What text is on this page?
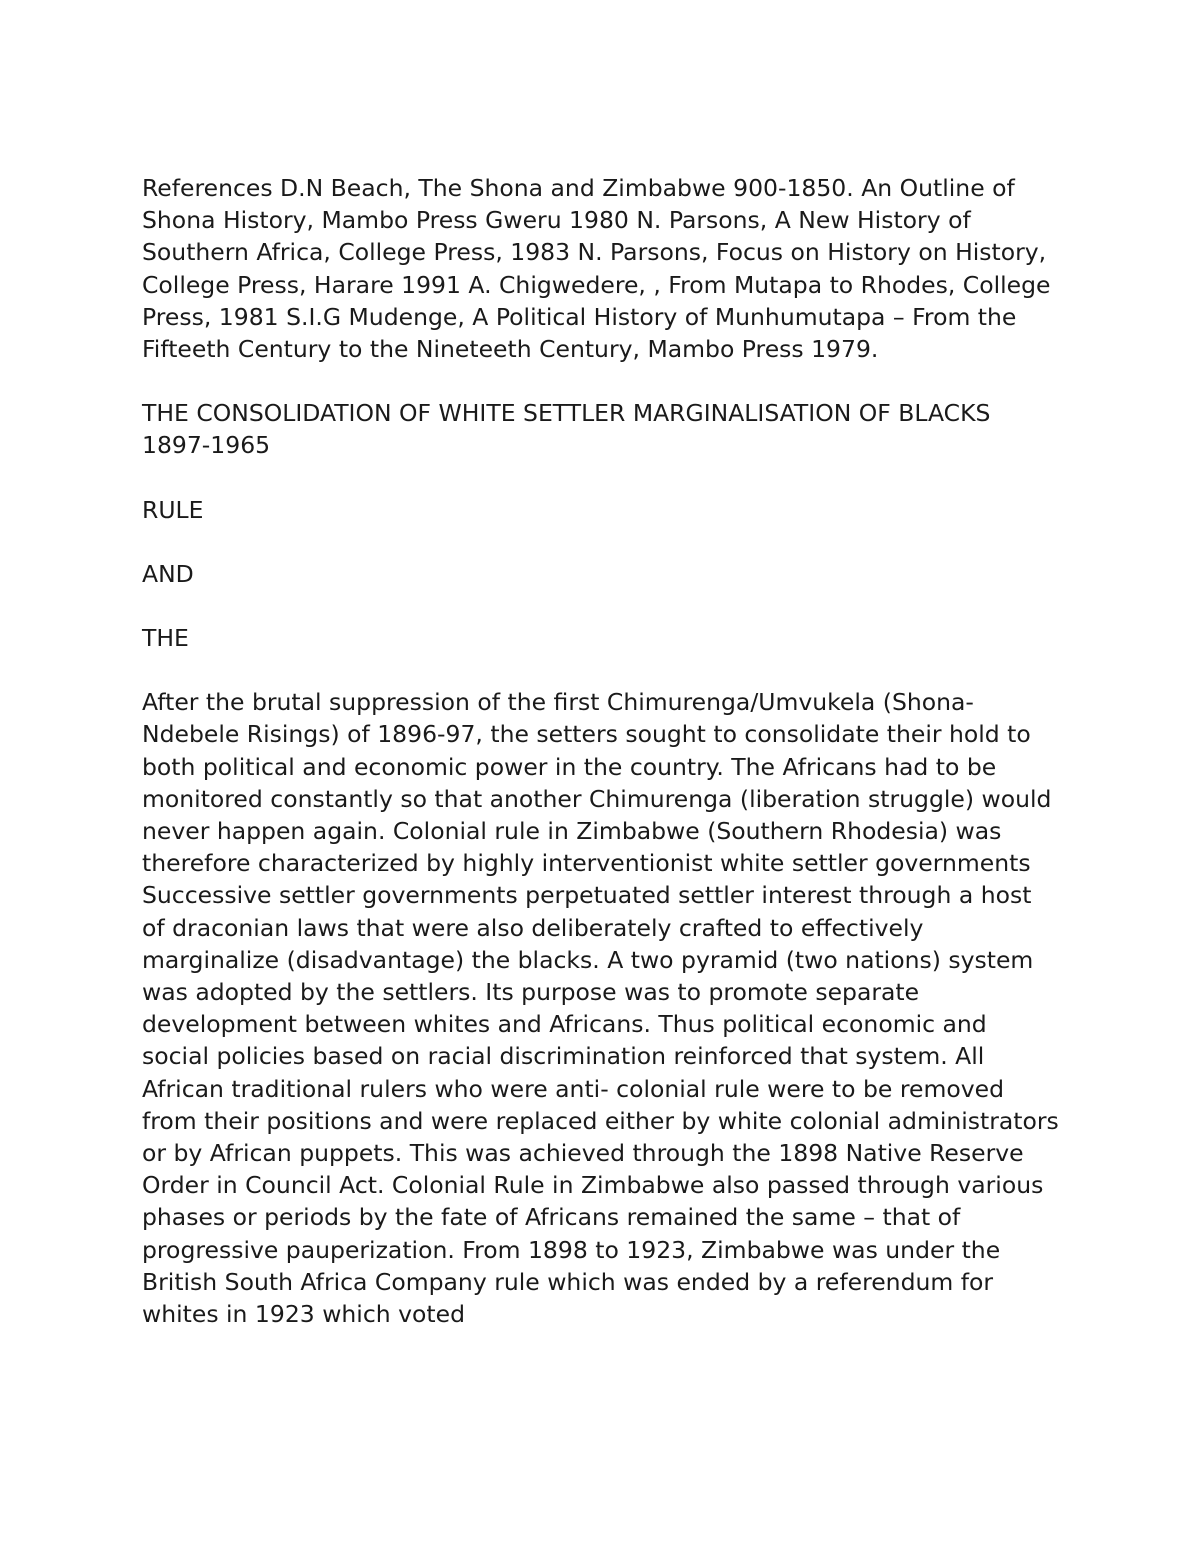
References D.N Beach, The Shona and Zimbabwe 900-1850. An Outline of Shona History, Mambo Press Gweru 1980 N. Parsons, A New History of Southern Africa, College Press, 1983 N. Parsons, Focus on History on History, College Press, Harare 1991 A. Chigwedere, , From Mutapa to Rhodes, College Press, 1981 S.I.G Mudenge, A Political History of Munhumutapa – From the Fifteeth Century to the Nineteeth Century, Mambo Press 1979.

THE CONSOLIDATION OF WHITE SETTLER MARGINALISATION OF BLACKS 1897-1965

RULE

AND

THE

After the brutal suppression of the first Chimurenga/Umvukela (Shona-Ndebele Risings) of 1896-97, the setters sought to consolidate their hold to both political and economic power in the country. The Africans had to be monitored constantly so that another Chimurenga (liberation struggle) would never happen again. Colonial rule in Zimbabwe (Southern Rhodesia) was therefore characterized by highly interventionist white settler governments Successive settler governments perpetuated settler interest through a host of draconian laws that were also deliberately crafted to effectively marginalize (disadvantage) the blacks. A two pyramid (two nations) system was adopted by the settlers. Its purpose was to promote separate development between whites and Africans. Thus political economic and social policies based on racial discrimination reinforced that system. All African traditional rulers who were anti- colonial rule were to be removed from their positions and were replaced either by white colonial administrators or by African puppets. This was achieved through the 1898 Native Reserve Order in Council Act. Colonial Rule in Zimbabwe also passed through various phases or periods by the fate of Africans remained the same – that of progressive pauperization. From 1898 to 1923, Zimbabwe was under the British South Africa Company rule which was ended by a referendum for whites in 1923 which voted
